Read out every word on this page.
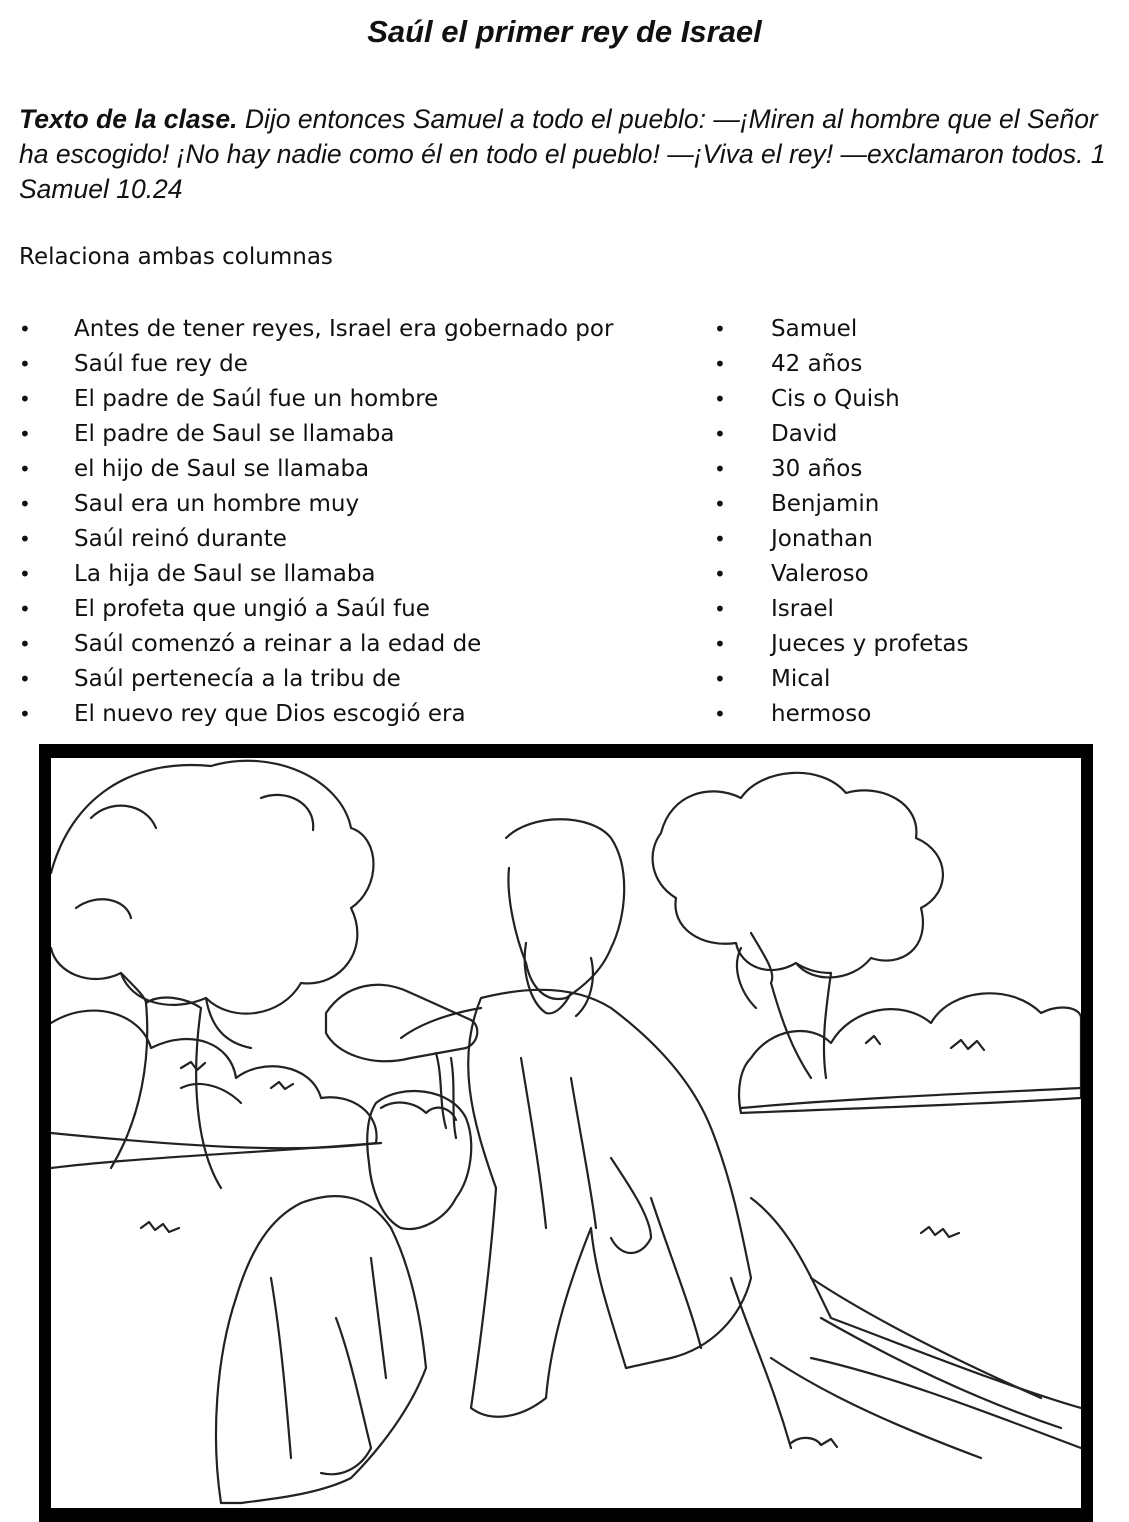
Saúl el primer rey de Israel
Texto de la clase. Dijo entonces Samuel a todo el pueblo: —¡Miren al hombre que el Señor ha escogido! ¡No hay nadie como él en todo el pueblo! —¡Viva el rey! —exclamaron todos. 1 Samuel 10.24
Relaciona ambas columnas
• Antes de tener reyes, Israel era gobernado por
• Saúl fue rey de
• El padre de Saúl fue un hombre
• El padre de Saul se llamaba
• el hijo de Saul se llamaba
• Saul era un hombre muy
• Saúl reinó durante
• La hija de Saul se llamaba
• El profeta que ungió a Saúl fue
• Saúl comenzó a reinar a la edad de
• Saúl pertenecía a la tribu de
• El nuevo rey que Dios escogió era
• Samuel
• 42 años
• Cis o Quish
• David
• 30 años
• Benjamin
• Jonathan
• Valeroso
• Israel
• Jueces y profetas
• Mical
• hermoso
